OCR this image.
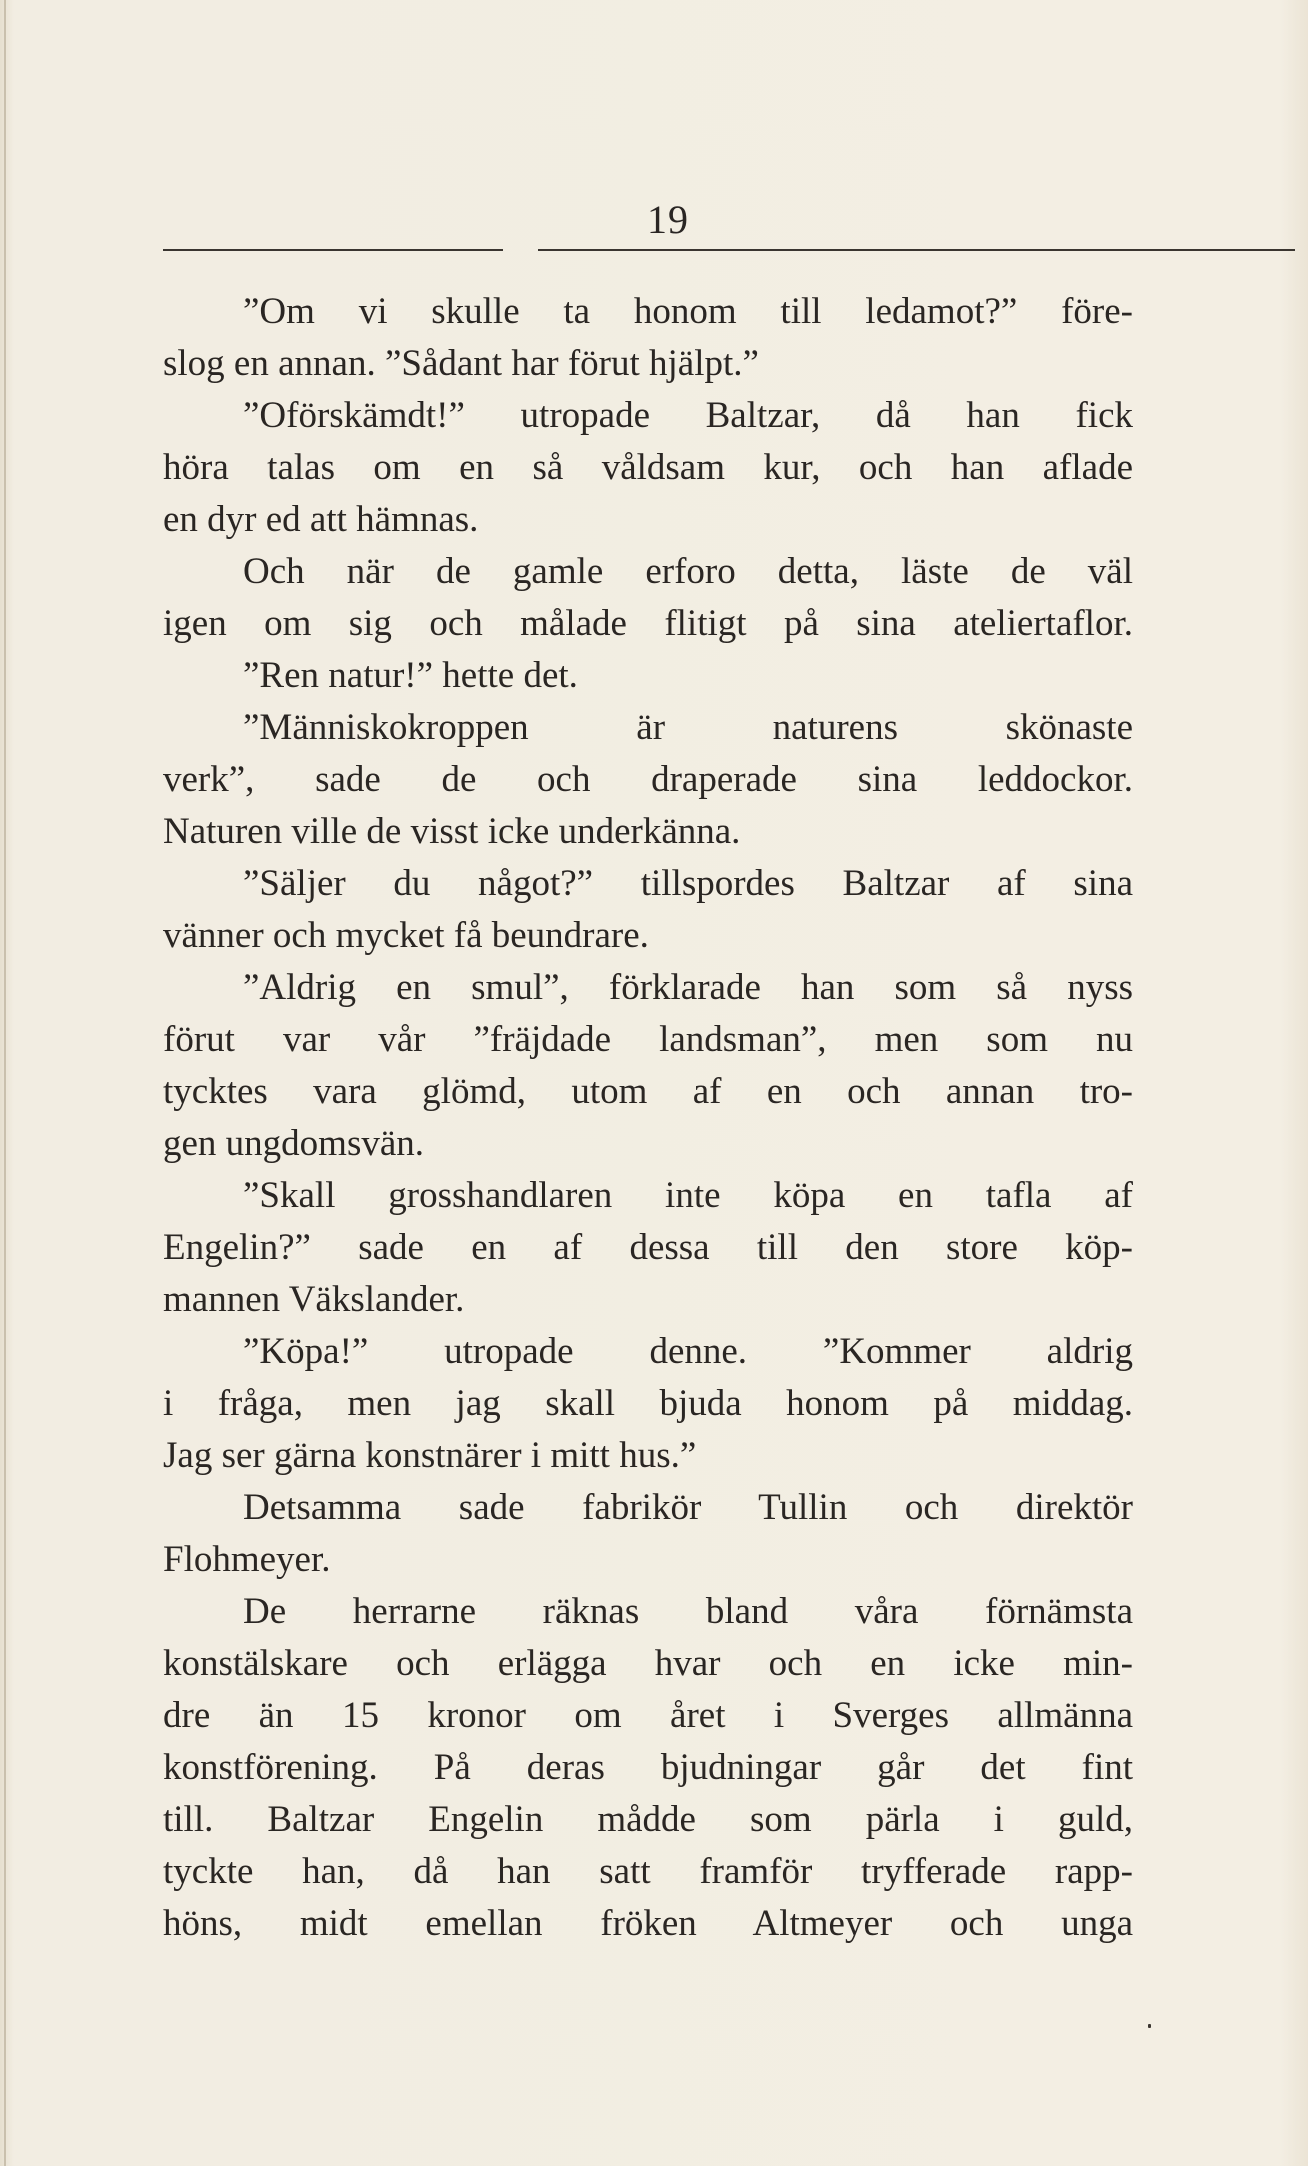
19
”Om vi skulle ta honom till ledamot?” före-
slog en annan. ”Sådant har förut hjälpt.”
”Oförskämdt!” utropade Baltzar, då han fick
höra talas om en så våldsam kur, och han aflade
en dyr ed att hämnas.
Och när de gamle erforo detta, läste de väl
igen om sig och målade flitigt på sina ateliertaflor.
”Ren natur!” hette det.
”Människokroppen är naturens skönaste
verk”, sade de och draperade sina leddockor.
Naturen ville de visst icke underkänna.
”Säljer du något?” tillspordes Baltzar af sina
vänner och mycket få beundrare.
”Aldrig en smul”, förklarade han som så nyss
förut var vår ”fräjdade landsman”, men som nu
tycktes vara glömd, utom af en och annan tro-
gen ungdomsvän.
”Skall grosshandlaren inte köpa en tafla af
Engelin?” sade en af dessa till den store köp-
mannen Väkslander.
”Köpa!” utropade denne. ”Kommer aldrig
i fråga, men jag skall bjuda honom på middag.
Jag ser gärna konstnärer i mitt hus.”
Detsamma sade fabrikör Tullin och direktör
Flohmeyer.
De herrarne räknas bland våra förnämsta
konstälskare och erlägga hvar och en icke min-
dre än 15 kronor om året i Sverges allmänna
konstförening. På deras bjudningar går det fint
till. Baltzar Engelin mådde som pärla i guld,
tyckte han, då han satt framför tryfferade rapp-
höns, midt emellan fröken Altmeyer och unga
